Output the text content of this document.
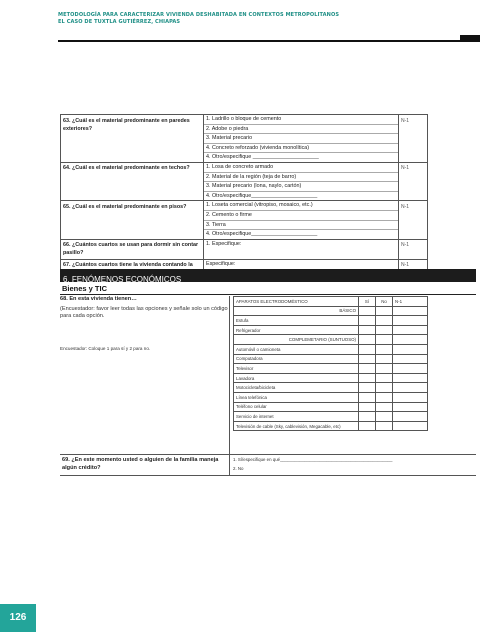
METODOLOGÍA PARA CARACTERIZAR VIVIENDA DESHABITADA EN CONTEXTOS METROPOLITANOS
EL CASO DE TUXTLA GUTIÉRREZ, CHIAPAS
63. ¿Cuál es el material predominante en paredes exteriores?	1. Ladrillo o bloque de cemento
2. Adobe o piedra
3. Material precario
4. Concreto reforzado (vivienda monolítica)
4. Otro/especifique ______________________	N-1
64. ¿Cuál es el material predominante en techos?	1. Losa de concreto armado
2. Material de la región (teja de barro)
3. Material precario (lona, naylo, cartón)
4. Otro/especifique______________________	N-1
65. ¿Cuál es el material predominante en pisos?	1. Loseta comercial (vitropiso, mosaico, etc.)
2. Cemento o firme
3. Tierra
4. Otro/especifique______________________	N-1
66. ¿Cuántos cuartos se usan para dormir sin contar pasillo?	1. Especifique:	N-1
67. ¿Cuántos cuartos tiene la vivienda contando la	Especifique:	N-1
6. FENÓMENOS ECONÓMICOS
Bienes y TIC
68. En esta vivienda tienen…
(Encuestador: favor leer todas las opciones y señale solo un código para cada opción.
Encuestador: Coloque 1 para sí y 2 para no.
APARATOS ELECTRODOMÉSTICO	Sí	No	N-1
BÁSICO			
Estufa			
Refrigerador			
COMPLEMETARIO (SUNTUOSO)			
Automóvil o camioneta			
Computadora			
Televisor			
Lavadora			
Motocicleta/bicicleta			
Línea telefónica			
Teléfono celular			
Servicio de internet			
Televisión de cable (Sky, cablevisión, Megacable, etc)			
69. ¿En este momento usted o alguien de la familia maneja algún crédito?
1. Sí/especifique en qué______________________________________________
2. No
126
